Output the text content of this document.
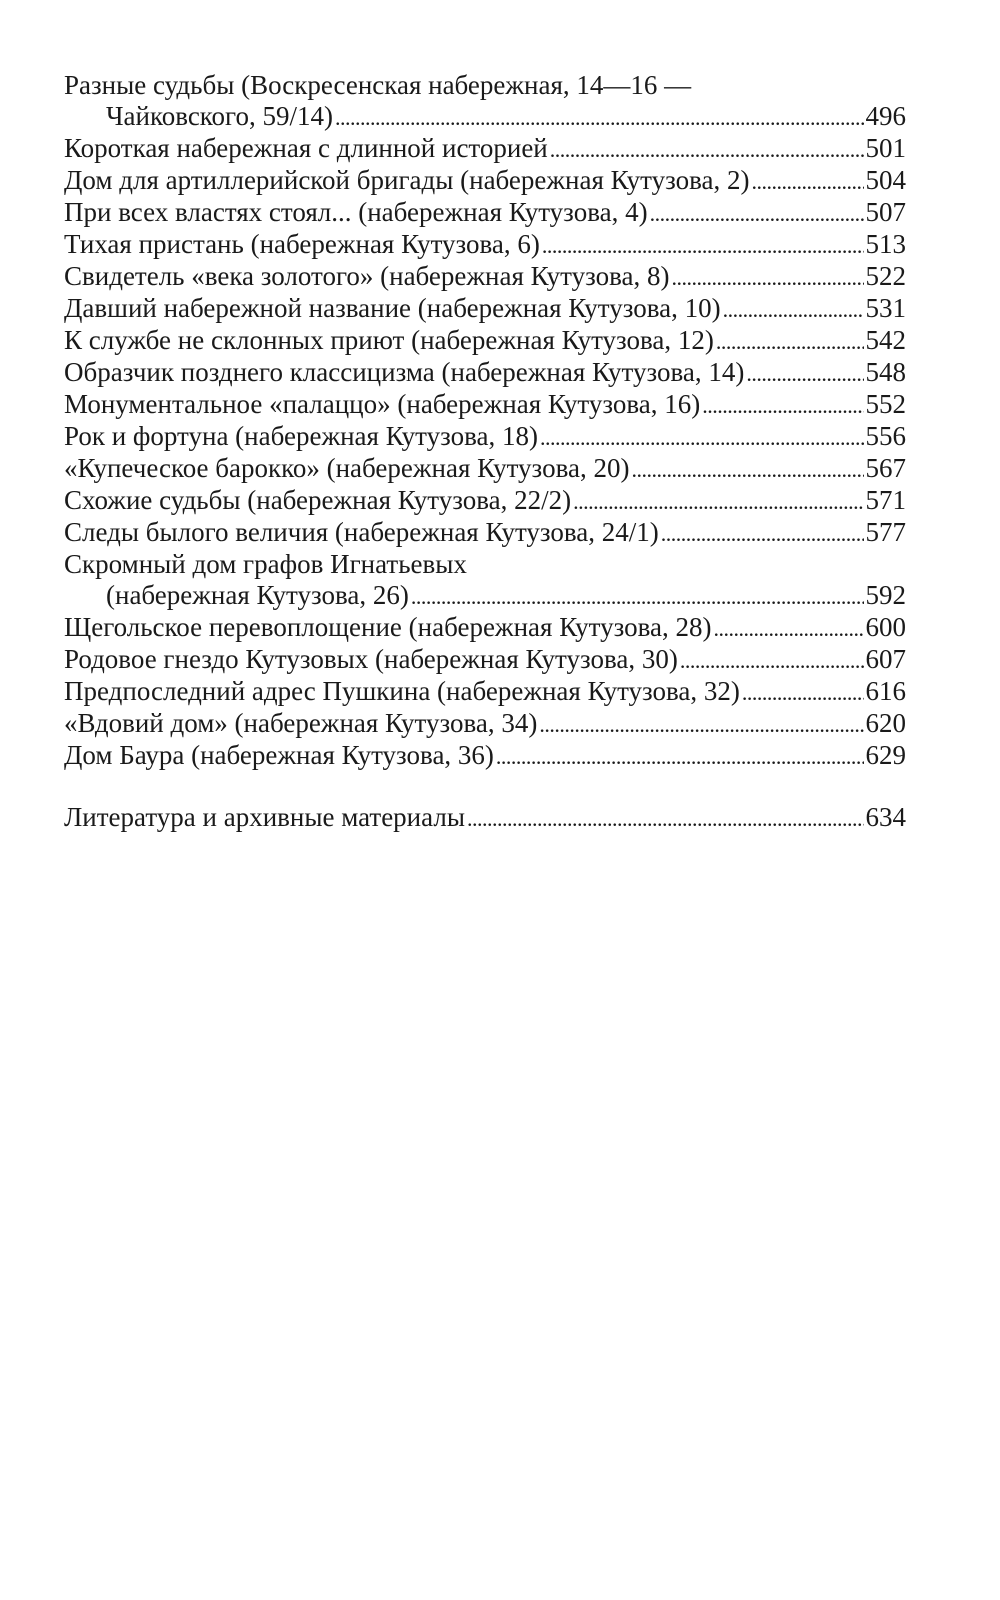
Разные судьбы (Воскресенская набережная, 14—16 —
Чайковского, 59/14) . . .	496
Короткая набережная с длинной историей . . .	501
Дом для артиллерийской бригады (набережная Кутузова, 2) . . .	504
При всех властях стоял... (набережная Кутузова, 4) . . .	507
Тихая пристань (набережная Кутузова, 6) . . .	513
Свидетель «века золотого» (набережная Кутузова, 8) . . .	522
Давший набережной название (набережная Кутузова, 10) . . .	531
К службе не склонных приют (набережная Кутузова, 12) . . .	542
Образчик позднего классицизма (набережная Кутузова, 14) . . .	548
Монументальное «палаццо» (набережная Кутузова, 16) . . .	552
Рок и фортуна (набережная Кутузова, 18) . . .	556
«Купеческое барокко» (набережная Кутузова, 20) . . .	567
Схожие судьбы (набережная Кутузова, 22/2) . . .	571
Следы былого величия (набережная Кутузова, 24/1) . . .	577
Скромный дом графов Игнатьевых
(набережная Кутузова, 26) . . .	592
Щегольское перевоплощение (набережная Кутузова, 28) . . .	600
Родовое гнездо Кутузовых (набережная Кутузова, 30) . . .	607
Предпоследний адрес Пушкина (набережная Кутузова, 32) . . .	616
«Вдовий дом» (набережная Кутузова, 34) . . .	620
Дом Баура (набережная Кутузова, 36) . . .	629
Литература и архивные материалы . . .	634
